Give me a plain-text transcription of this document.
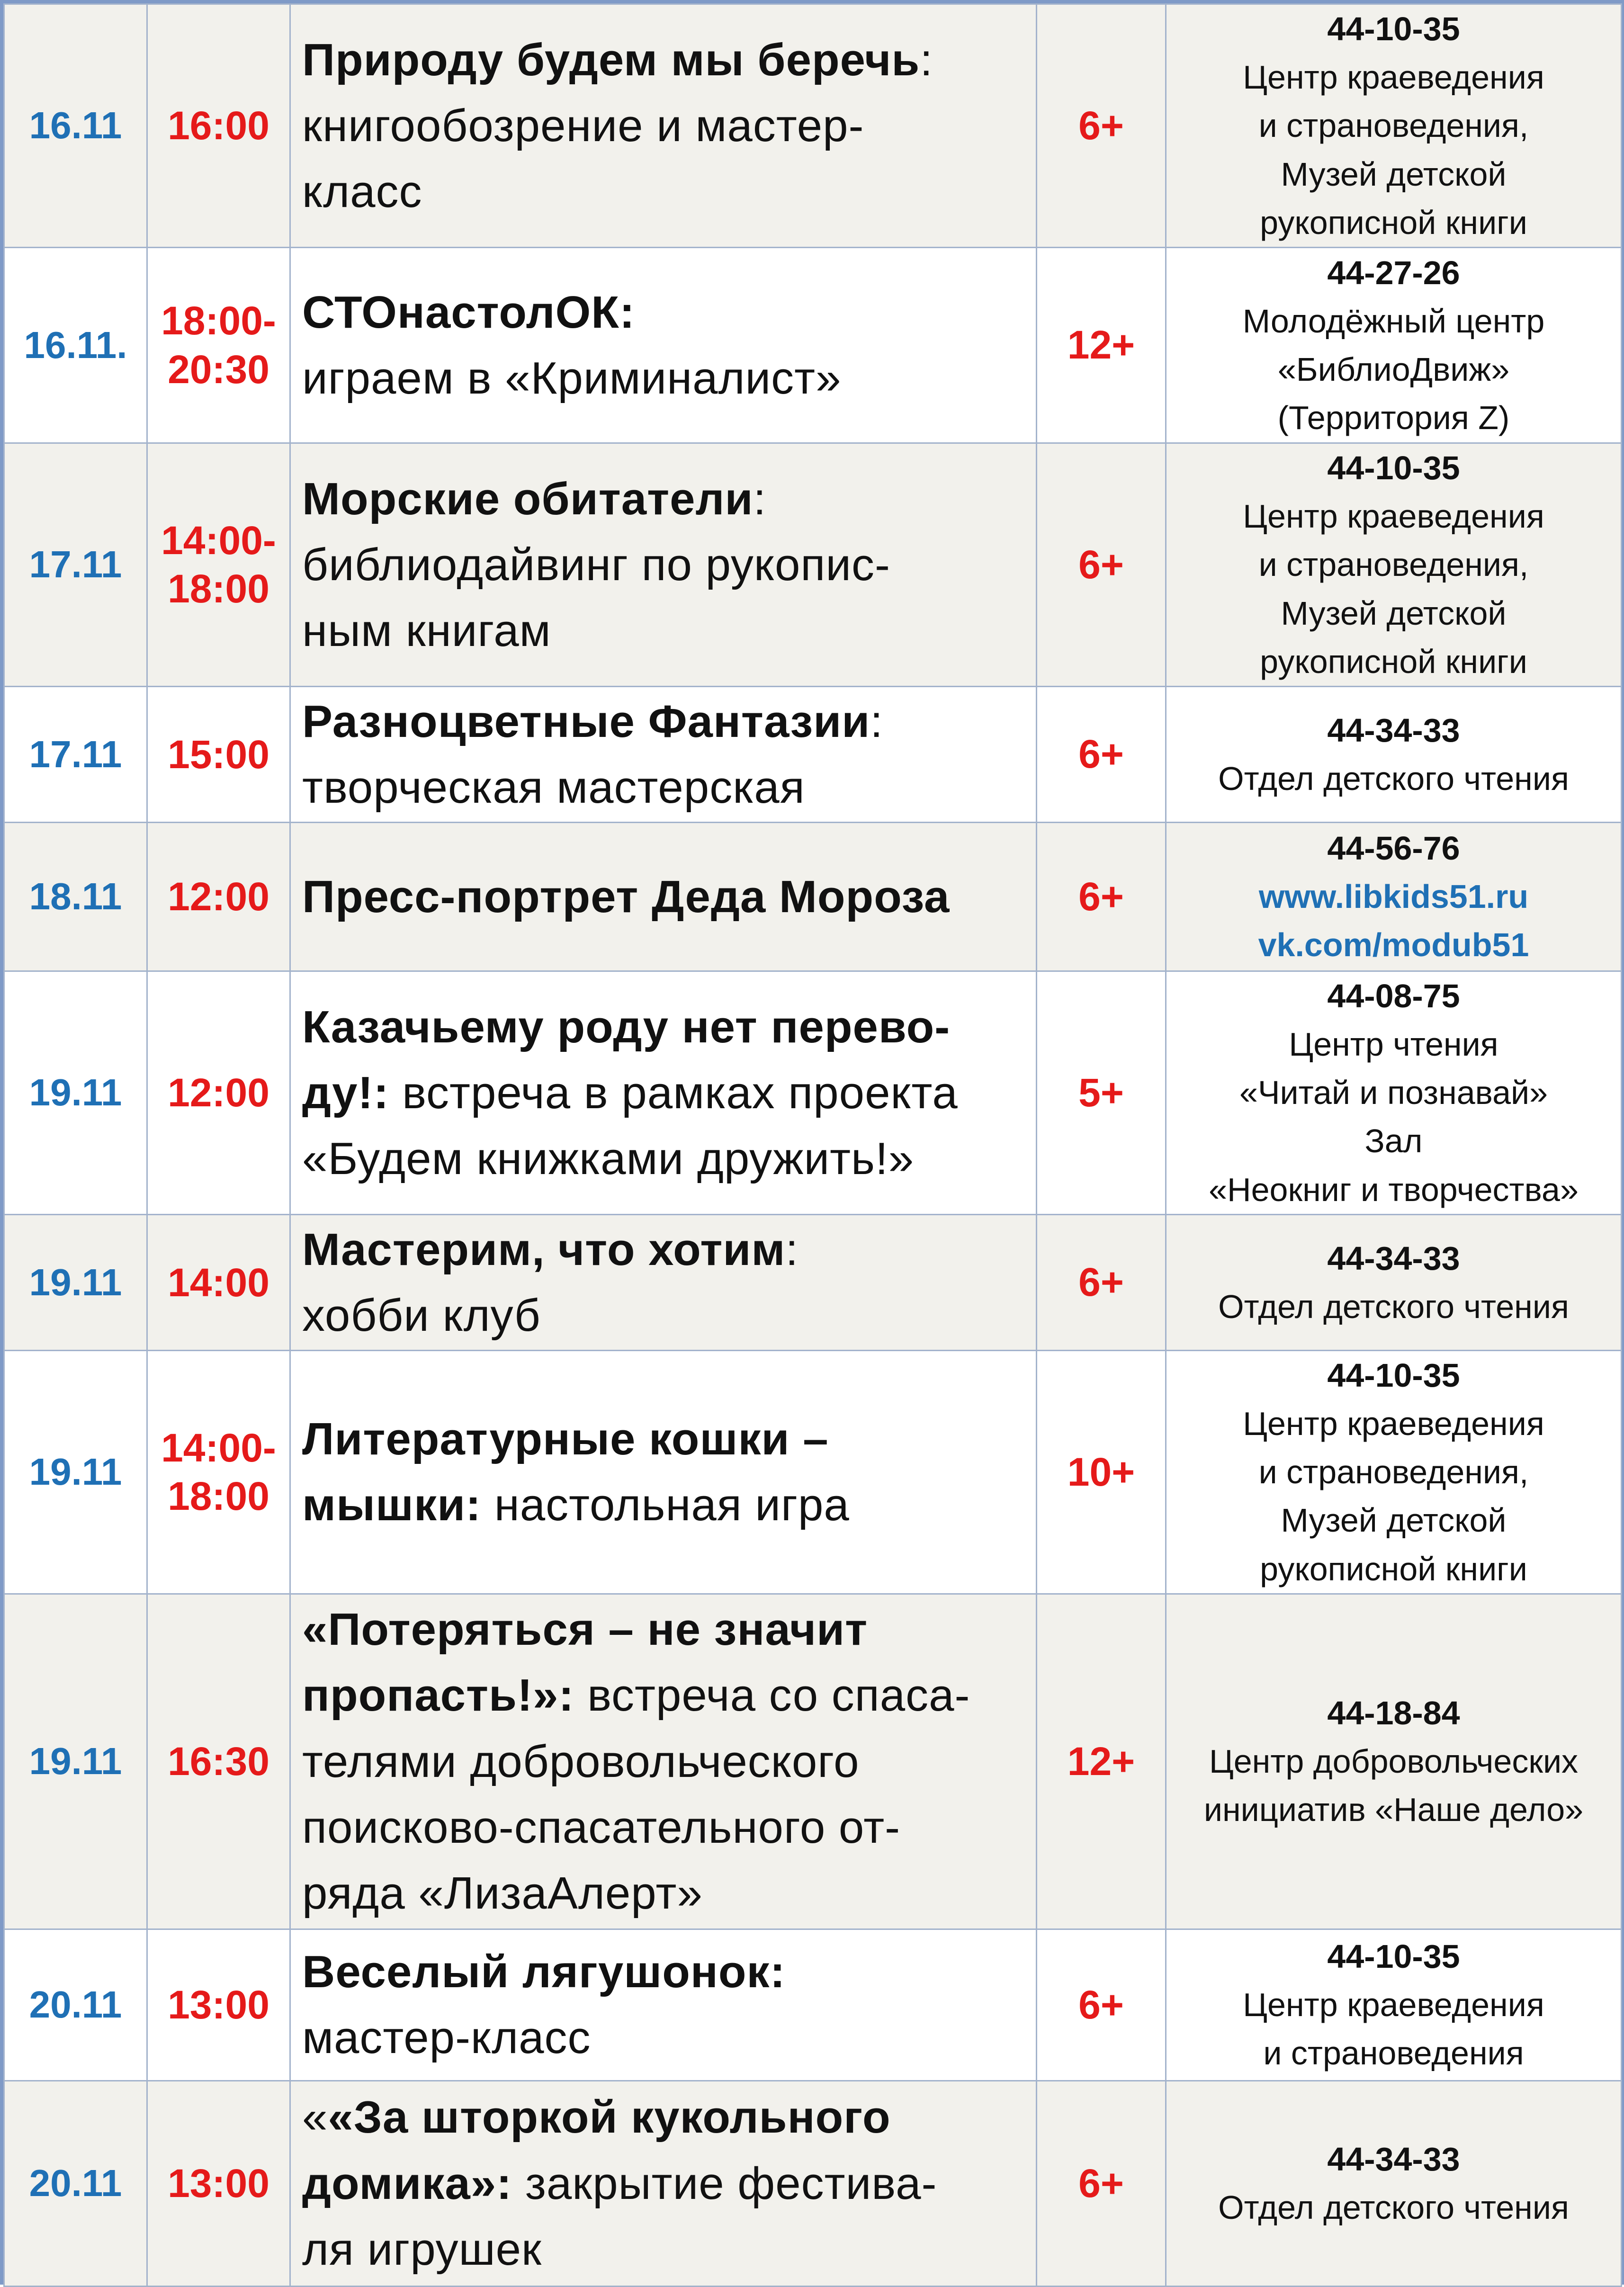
16.11	16:00	Природу будем мы беречь:
книгообозрение и мастер-
класс	6+	44-10-35
Центр краеведения
и страноведения,
Музей детской
рукописной книги

16.11.	18:00-
20:30	СТОнастолОК:
играем в «Криминалист»	12+	44-27-26
Молодёжный центр
«БиблиоДвиж»
(Территория Z)

17.11	14:00-
18:00	Морские обитатели:
библиодайвинг по рукопис-
ным книгам	6+	44-10-35
Центр краеведения
и страноведения,
Музей детской
рукописной книги

17.11	15:00	Разноцветные Фантазии:
творческая мастерская	6+	44-34-33
Отдел детского чтения

18.11	12:00	Пресс-портрет Деда Мороза	6+	44-56-76
www.libkids51.ru
vk.com/modub51

19.11	12:00	Казачьему роду нет перево-
ду!: встреча в рамках проекта
«Будем книжками дружить!»	5+	44-08-75
Центр чтения
«Читай и познавай»
Зал
«Неокниг и творчества»

19.11	14:00	Мастерим, что хотим:
хобби клуб	6+	44-34-33
Отдел детского чтения

19.11	14:00-
18:00	Литературные кошки –
мышки: настольная игра	10+	44-10-35
Центр краеведения
и страноведения,
Музей детской
рукописной книги

19.11	16:30	«Потеряться – не значит
пропасть!»: встреча со спаса-
телями добровольческого
поисково-спасательного от-
ряда «ЛизаАлерт»	12+	44-18-84
Центр добровольческих
инициатив «Наше дело»

20.11	13:00	Веселый лягушонок:
мастер-класс	6+	44-10-35
Центр краеведения
и страноведения

20.11	13:00	««За шторкой кукольного
домика»: закрытие фестива-
ля игрушек	6+	44-34-33
Отдел детского чтения
